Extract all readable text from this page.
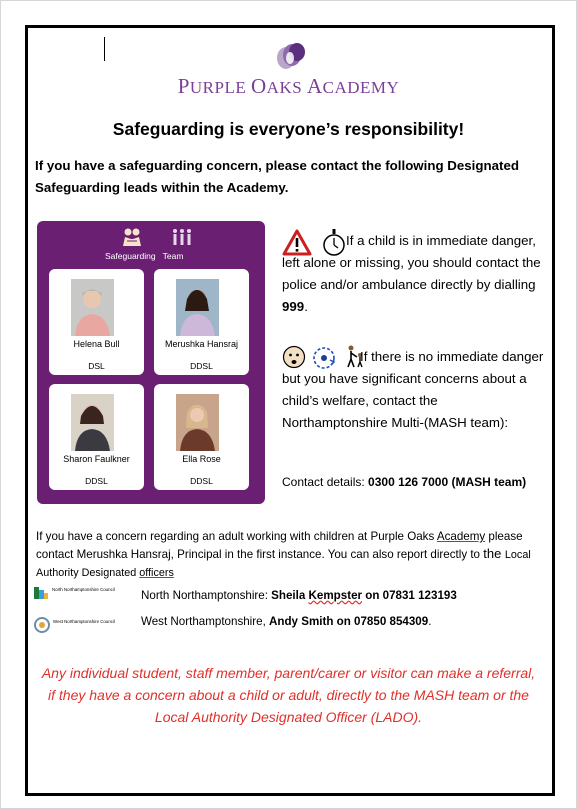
PURPLE OAKS ACADEMY
Safeguarding is everyone’s responsibility!
If you have a safeguarding concern, please contact the following Designated Safeguarding leads within the Academy.
Safeguarding Team
Helena Bull
DSL
Merushka Hansraj
DDSL
Sharon Faulkner
DDSL
Ella Rose
DDSL
If a child is in immediate danger, left alone or missing, you should contact the police and/or ambulance directly by dialling 999.
If there is no immediate danger but you have significant concerns about a child’s welfare, contact the Northamptonshire Multi-(MASH team):
Contact details: 0300 126 7000 (MASH team)
If you have a concern regarding an adult working with children at Purple Oaks Academy please contact Merushka Hansraj, Principal in the first instance. You can also report directly to the Local Authority Designated officers
North Northamptonshire Council North Northamptonshire: Sheila Kempster on 07831 123193
West Northamptonshire Council West Northamptonshire, Andy Smith on 07850 854309.
Any individual student, staff member, parent/carer or visitor can make a referral, if they have a concern about a child or adult, directly to the MASH team or the Local Authority Designated Officer (LADO).
